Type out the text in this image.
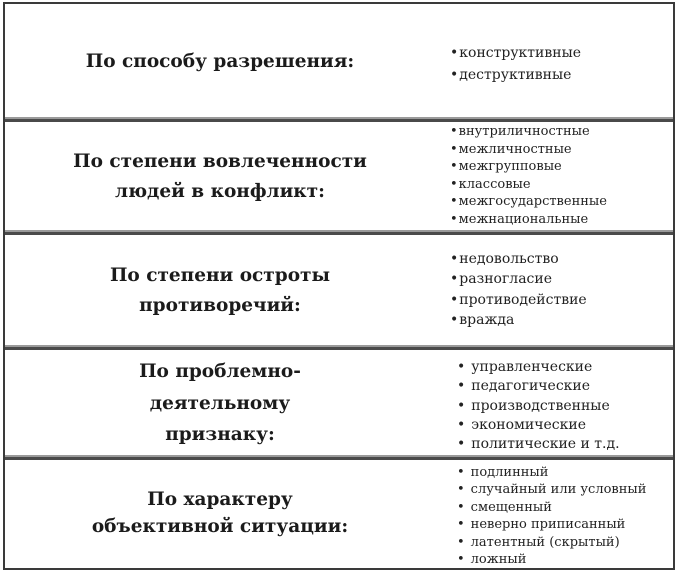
По способу разрешения:	•конструктивные
•деструктивные
По степени вовлеченности
людей в конфликт:
•внутриличностные
•межличностные
•межгрупповые
•классовые
•межгосударственные
•межнациональные
По степени остроты
противоречий:
•недовольство
•разногласие
•противодействие
•вражда
По проблемно-
деятельному
признаку:
• управленческие
• педагогические
• производственные
• экономические
• политические и т.д.
По характеру
объективной ситуации:
• подлинный
• случайный или условный
• смещенный
• неверно приписанный
• латентный (скрытый)
• ложный
